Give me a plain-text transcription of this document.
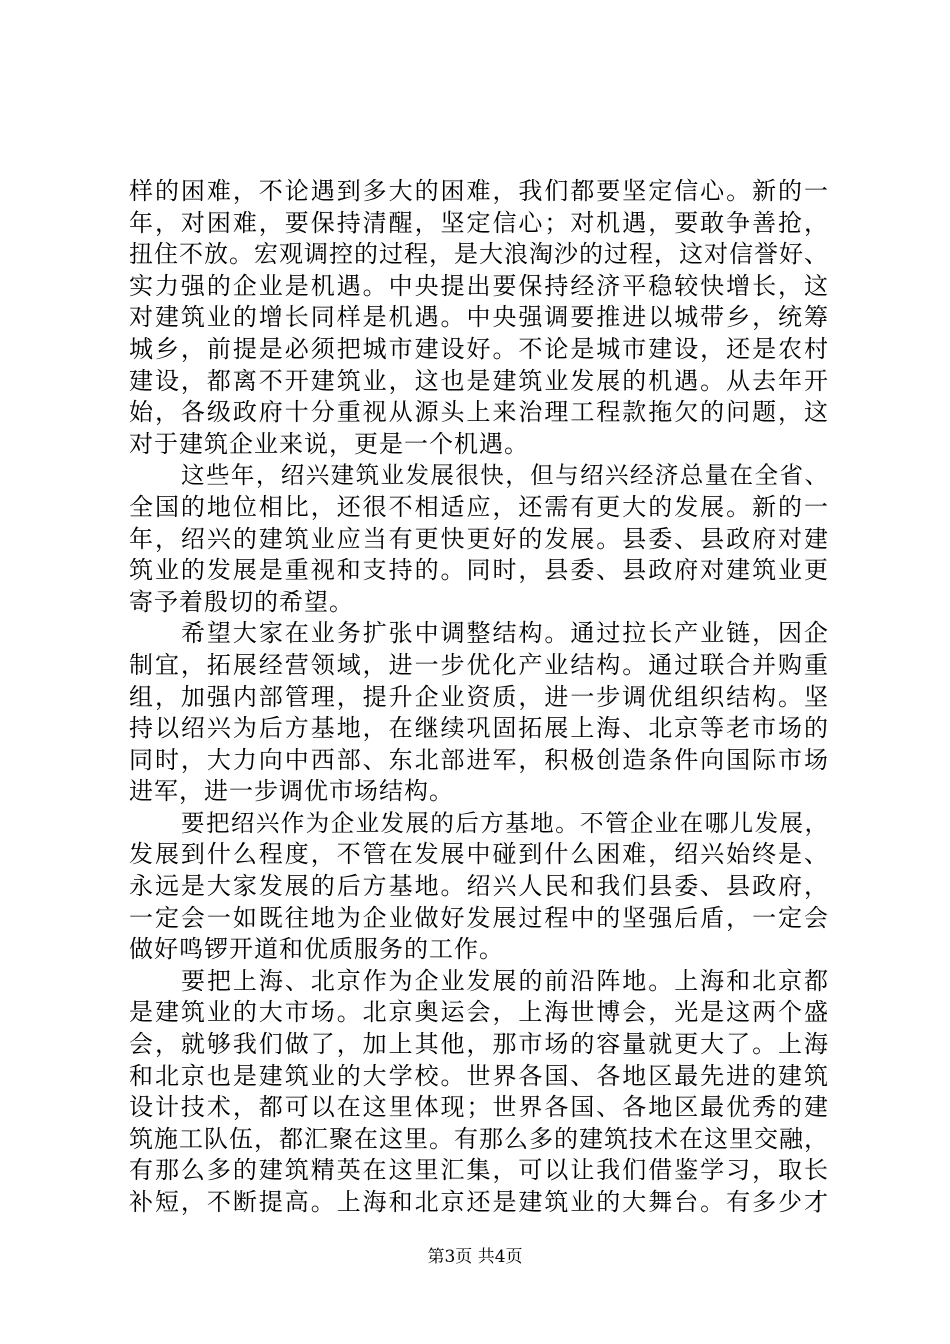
样的困难，不论遇到多大的困难，我们都要坚定信心。新的一
年，对困难，要保持清醒，坚定信心；对机遇，要敢争善抢，
扭住不放。宏观调控的过程，是大浪淘沙的过程，这对信誉好、
实力强的企业是机遇。中央提出要保持经济平稳较快增长，这
对建筑业的增长同样是机遇。中央强调要推进以城带乡，统筹
城乡，前提是必须把城市建设好。不论是城市建设，还是农村
建设，都离不开建筑业，这也是建筑业发展的机遇。从去年开
始，各级政府十分重视从源头上来治理工程款拖欠的问题，这
对于建筑企业来说，更是一个机遇。
这些年，绍兴建筑业发展很快，但与绍兴经济总量在全省、
全国的地位相比，还很不相适应，还需有更大的发展。新的一
年，绍兴的建筑业应当有更快更好的发展。县委、县政府对建
筑业的发展是重视和支持的。同时，县委、县政府对建筑业更
寄予着殷切的希望。
希望大家在业务扩张中调整结构。通过拉长产业链，因企
制宜，拓展经营领域，进一步优化产业结构。通过联合并购重
组，加强内部管理，提升企业资质，进一步调优组织结构。坚
持以绍兴为后方基地，在继续巩固拓展上海、北京等老市场的
同时，大力向中西部、东北部进军，积极创造条件向国际市场
进军，进一步调优市场结构。
要把绍兴作为企业发展的后方基地。不管企业在哪儿发展，
发展到什么程度，不管在发展中碰到什么困难，绍兴始终是、
永远是大家发展的后方基地。绍兴人民和我们县委、县政府，
一定会一如既往地为企业做好发展过程中的坚强后盾，一定会
做好鸣锣开道和优质服务的工作。
要把上海、北京作为企业发展的前沿阵地。上海和北京都
是建筑业的大市场。北京奥运会，上海世博会，光是这两个盛
会，就够我们做了，加上其他，那市场的容量就更大了。上海
和北京也是建筑业的大学校。世界各国、各地区最先进的建筑
设计技术，都可以在这里体现；世界各国、各地区最优秀的建
筑施工队伍，都汇聚在这里。有那么多的建筑技术在这里交融，
有那么多的建筑精英在这里汇集，可以让我们借鉴学习，取长
补短，不断提高。上海和北京还是建筑业的大舞台。有多少才
第3页 共4页
